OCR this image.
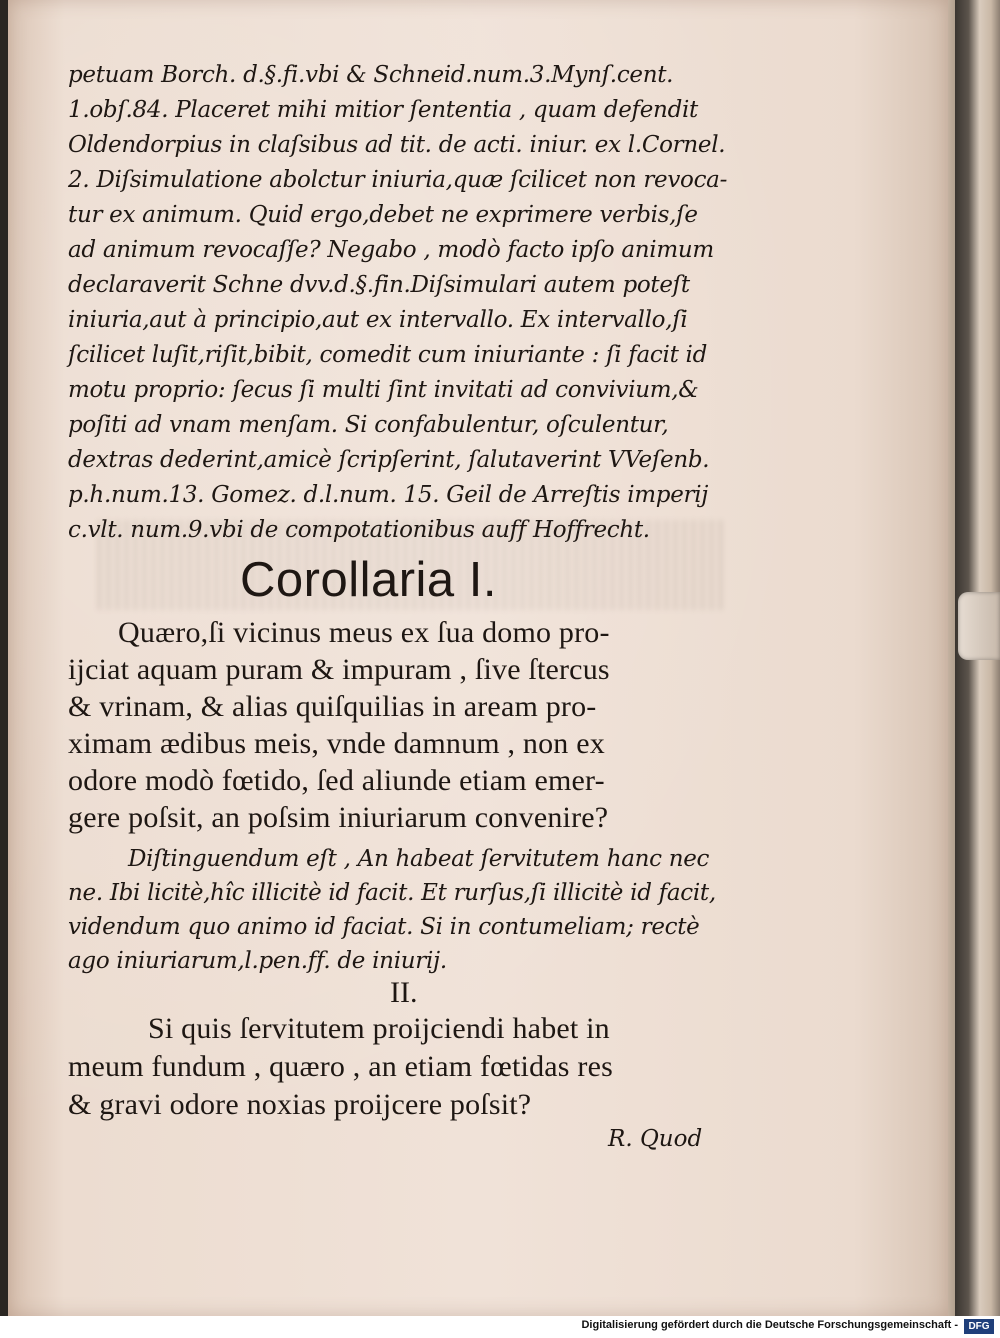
petuam Borch. d.§.fi.vbi & Schneid.num.3.Mynſ.cent.
1.obſ.84. Placeret mihi mitior ſententia , quam defendit
Oldendorpius in claſsibus ad tit. de acti. iniur. ex l.Cornel.
2. Diſsimulatione abolctur iniuria,quæ ſcilicet non revoca-
tur ex animum. Quid ergo,debet ne exprimere verbis,ſe
ad animum revocaſſe? Negabo , modò facto ipſo animum
declaraverit Schne dvv.d.§.fin.Diſsimulari autem poteſt
iniuria,aut à principio,aut ex intervallo. Ex intervallo,ſi
ſcilicet luſit,riſit,bibit, comedit cum iniuriante : ſi facit id
motu proprio: ſecus ſi multi ſint invitati ad convivium,&
poſiti ad vnam menſam. Si confabulentur, oſculentur,
dextras dederint,amicè ſcripſerint, ſalutaverint VVeſenb.
p.h.num.13. Gomez. d.l.num. 15. Geil de Arreſtis imperij
c.vlt. num.9.vbi de compotationibus auff Hoffrecht.
Corollaria I.
Quæro,ſi vicinus meus ex ſua domo pro-
ijciat aquam puram & impuram , ſive ſtercus
& vrinam, & alias quiſquilias in aream pro-
ximam ædibus meis, vnde damnum , non ex
odore modò fœtido, ſed aliunde etiam emer-
gere poſsit, an poſsim iniuriarum convenire?
Diſtinguendum eſt , An habeat ſervitutem hanc nec
ne. Ibi licitè,hîc illicitè id facit. Et rurſus,ſi illicitè id facit,
videndum quo animo id faciat. Si in contumeliam; rectè
ago iniuriarum,l.pen.ff. de iniurij.
II.
Si quis ſervitutem proijciendi habet in
meum fundum , quæro , an etiam fœtidas res
& gravi odore noxias proijcere poſsit?
R. Quod
Digitalisierung gefördert durch die Deutsche Forschungsgemeinschaft -	DFG
